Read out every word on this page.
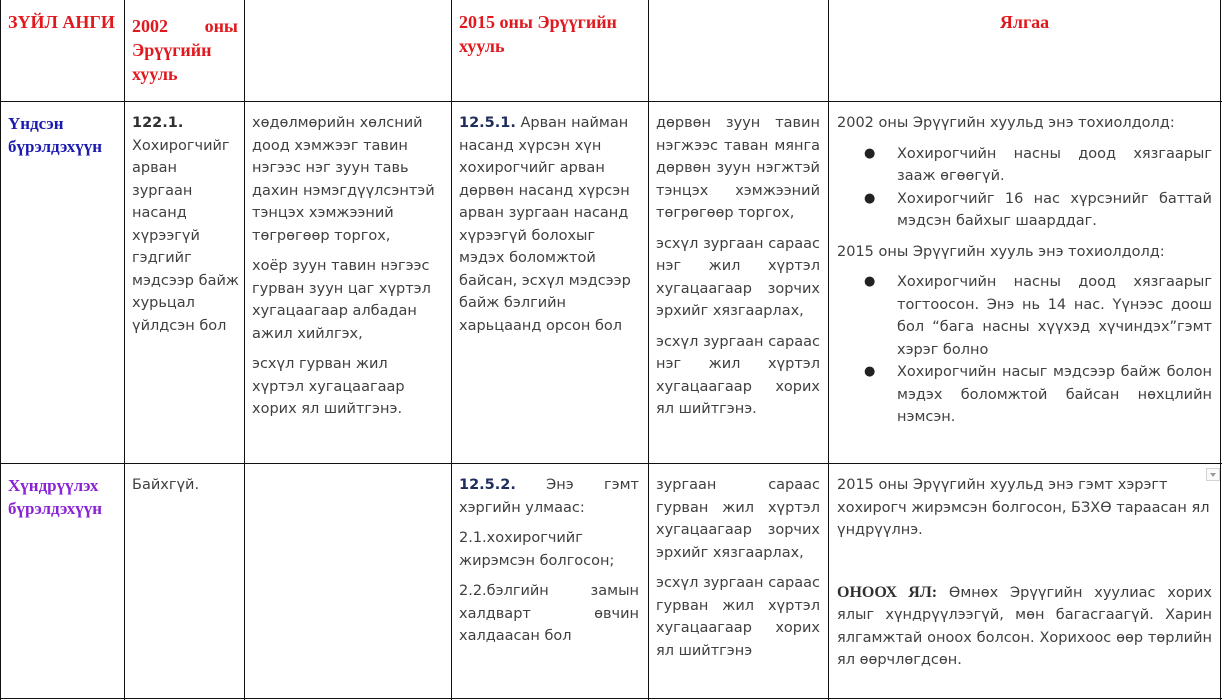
ЗҮЙЛ АНГИ 2002 оны Эрүүгийн хууль
2015 оны Эрүүгийн хууль
Ялгаа
Үндсэн бүрэлдэхүүн
122.1.
Хохирогчийг арван зургаан насанд хүрээгүй гэдгийг мэдсээр байж хурьцал үйлдсэн бол

хөдөлмөрийн хөлсний доод хэмжээг тавин нэгээс нэг зуун тавь дахин нэмэгдүүлсэнтэй тэнцэх хэмжээний төгрөгөөр торгох,

хоёр зуун тавин нэгээс гурван зуун цаг хүртэл хугацаагаар албадан ажил хийлгэх,

эсхүл гурван жил хүртэл хугацаагаар хорих ял шийтгэнэ.

12.5.1. Арван найман насанд хүрсэн хүн хохирогчийг арван дөрвөн насанд хүрсэн арван зургаан насанд хүрээгүй болохыг мэдэх боломжтой байсан, эсхүл мэдсээр байж бэлгийн харьцаанд орсон бол

дөрвөн зуун тавин нэгжээс таван мянга дөрвөн зуун нэгжтэй тэнцэх хэмжээний төгрөгөөр торгох,

эсхүл зургаан сараас нэг жил хүртэл хугацаагаар зорчих эрхийг хязгаарлах,

эсхүл зургаан сараас нэг жил хүртэл хугацаагаар хорих ял шийтгэнэ.

2002 оны Эрүүгийн хуульд энэ тохиолдолд:

● Хохирогчийн насны доод хязгаарыг зааж өгөөгүй.
● Хохирогчийг 16 нас хүрсэнийг баттай мэдсэн байхыг шаарддаг.

2015 оны Эрүүгийн хууль энэ тохиолдолд:

● Хохирогчийн насны доод хязгаарыг тогтоосон. Энэ нь 14 нас. Үүнээс доош бол “бага насны хүүхэд хүчиндэх”гэмт хэрэг болно
● Хохирогчийн насыг мэдсээр байж болон мэдэх боломжтой байсан нөхцлийн нэмсэн.
Хүндрүүлэх бүрэлдэхүүн
Байхгүй.	12.5.2. Энэ гэмт хэргийн улмаас:

2.1.хохирогчийг жирэмсэн болгосон;

2.2.бэлгийн замын халдварт өвчин халдаасан бол

зургаан сараас гурван жил хүртэл хугацаагаар зорчих эрхийг хязгаарлах,

эсхүл зургаан сараас гурван жил хүртэл хугацаагаар хорих ял шийтгэнэ

2015 оны Эрүүгийн хуульд энэ гэмт хэрэгт хохирогч жирэмсэн болгосон, БЗХӨ тараасан ял үндрүүлнэ.

ОНООХ ЯЛ: Өмнөх Эрүүгийн хуулиас хорих ялыг хүндрүүлээгүй, мөн багасгаагүй. Харин ялгамжтай оноох болсон. Хорихоос өөр төрлийн ял өөрчлөгдсөн.
